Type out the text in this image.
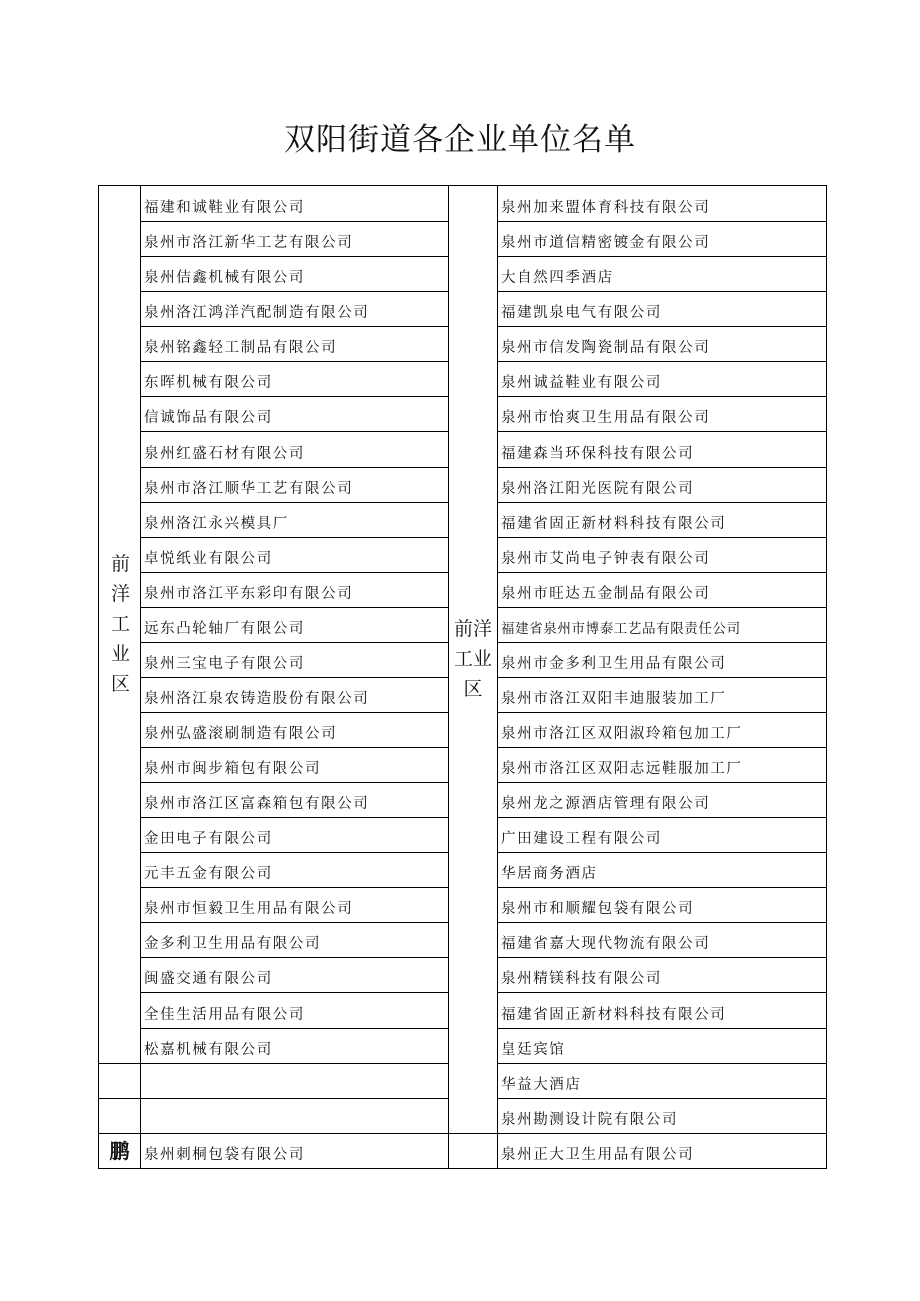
双阳街道各企业单位名单
前洋工业区	福建和诚鞋业有限公司	前洋工业区	泉州加来盟体育科技有限公司
	泉州市洛江新华工艺有限公司		泉州市道信精密镀金有限公司
	泉州佶鑫机械有限公司		大自然四季酒店
	泉州洛江鸿洋汽配制造有限公司		福建凯泉电气有限公司
	泉州铭鑫轻工制品有限公司		泉州市信发陶瓷制品有限公司
	东晖机械有限公司		泉州诚益鞋业有限公司
	信诚饰品有限公司		泉州市怡爽卫生用品有限公司
	泉州红盛石材有限公司		福建森当环保科技有限公司
	泉州市洛江顺华工艺有限公司		泉州洛江阳光医院有限公司
	泉州洛江永兴模具厂		福建省固正新材料科技有限公司
	卓悦纸业有限公司		泉州市艾尚电子钟表有限公司
	泉州市洛江平东彩印有限公司		泉州市旺达五金制品有限公司
	远东凸轮轴厂有限公司		福建省泉州市博泰工艺品有限责任公司
	泉州三宝电子有限公司		泉州市金多利卫生用品有限公司
	泉州洛江泉农铸造股份有限公司		泉州市洛江双阳丰迪服装加工厂
	泉州弘盛滚刷制造有限公司		泉州市洛江区双阳淑玲箱包加工厂
	泉州市闽步箱包有限公司		泉州市洛江区双阳志远鞋服加工厂
	泉州市洛江区富森箱包有限公司		泉州龙之源酒店管理有限公司
	金田电子有限公司		广田建设工程有限公司
	元丰五金有限公司		华居商务酒店
	泉州市恒毅卫生用品有限公司		泉州市和顺耀包袋有限公司
	金多利卫生用品有限公司		福建省嘉大现代物流有限公司
	闽盛交通有限公司		泉州精镁科技有限公司
	全佳生活用品有限公司		福建省固正新材料科技有限公司
	松嘉机械有限公司		皇廷宾馆
			华益大酒店
			泉州勘测设计院有限公司
鹏	泉州刺桐包袋有限公司		泉州正大卫生用品有限公司
